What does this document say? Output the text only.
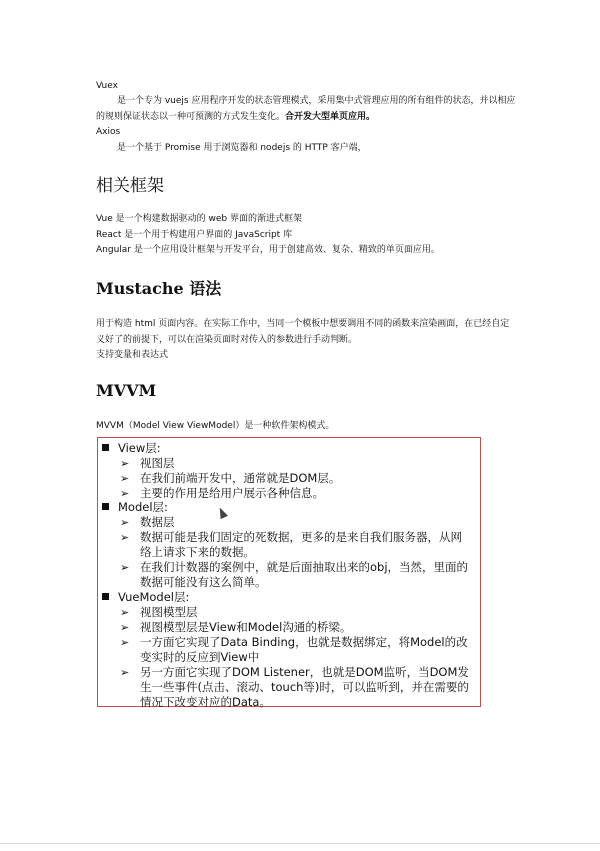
Vuex
是一个专为 vuejs 应用程序开发的状态管理模式，采用集中式管理应用的所有组件的状态，并以相应的规则保证状态以一种可预测的方式发生变化。合开发大型单页应用。
Axios
是一个基于 Promise 用于浏览器和 nodejs 的 HTTP 客户端，
相关框架
Vue 是一个构建数据驱动的 web 界面的渐进式框架
React 是一个用于构建用户界面的 JavaScript 库
Angular 是一个应用设计框架与开发平台，用于创建高效、复杂、精致的单页面应用。
Mustache 语法
用于构造 html 页面内容。在实际工作中，当同一个模板中想要调用不同的函数来渲染画面，在已经自定义好了的前提下，可以在渲染页面时对传入的参数进行手动判断。
支持变量和表达式
MVVM
MVVM（Model View ViewModel）是一种软件架构模式。
View层:
➢ 视图层
➢ 在我们前端开发中，通常就是DOM层。
➢ 主要的作用是给用户展示各种信息。
Model层:
➢ 数据层
➢ 数据可能是我们固定的死数据，更多的是来自我们服务器，从网络上请求下来的数据。
➢ 在我们计数器的案例中，就是后面抽取出来的obj，当然，里面的数据可能没有这么简单。
VueModel层:
➢ 视图模型层
➢ 视图模型层是View和Model沟通的桥梁。
➢ 一方面它实现了Data Binding，也就是数据绑定，将Model的改变实时的反应到View中
➢ 另一方面它实现了DOM Listener，也就是DOM监听，当DOM发生一些事件(点击、滚动、touch等)时，可以监听到，并在需要的情况下改变对应的Data。
